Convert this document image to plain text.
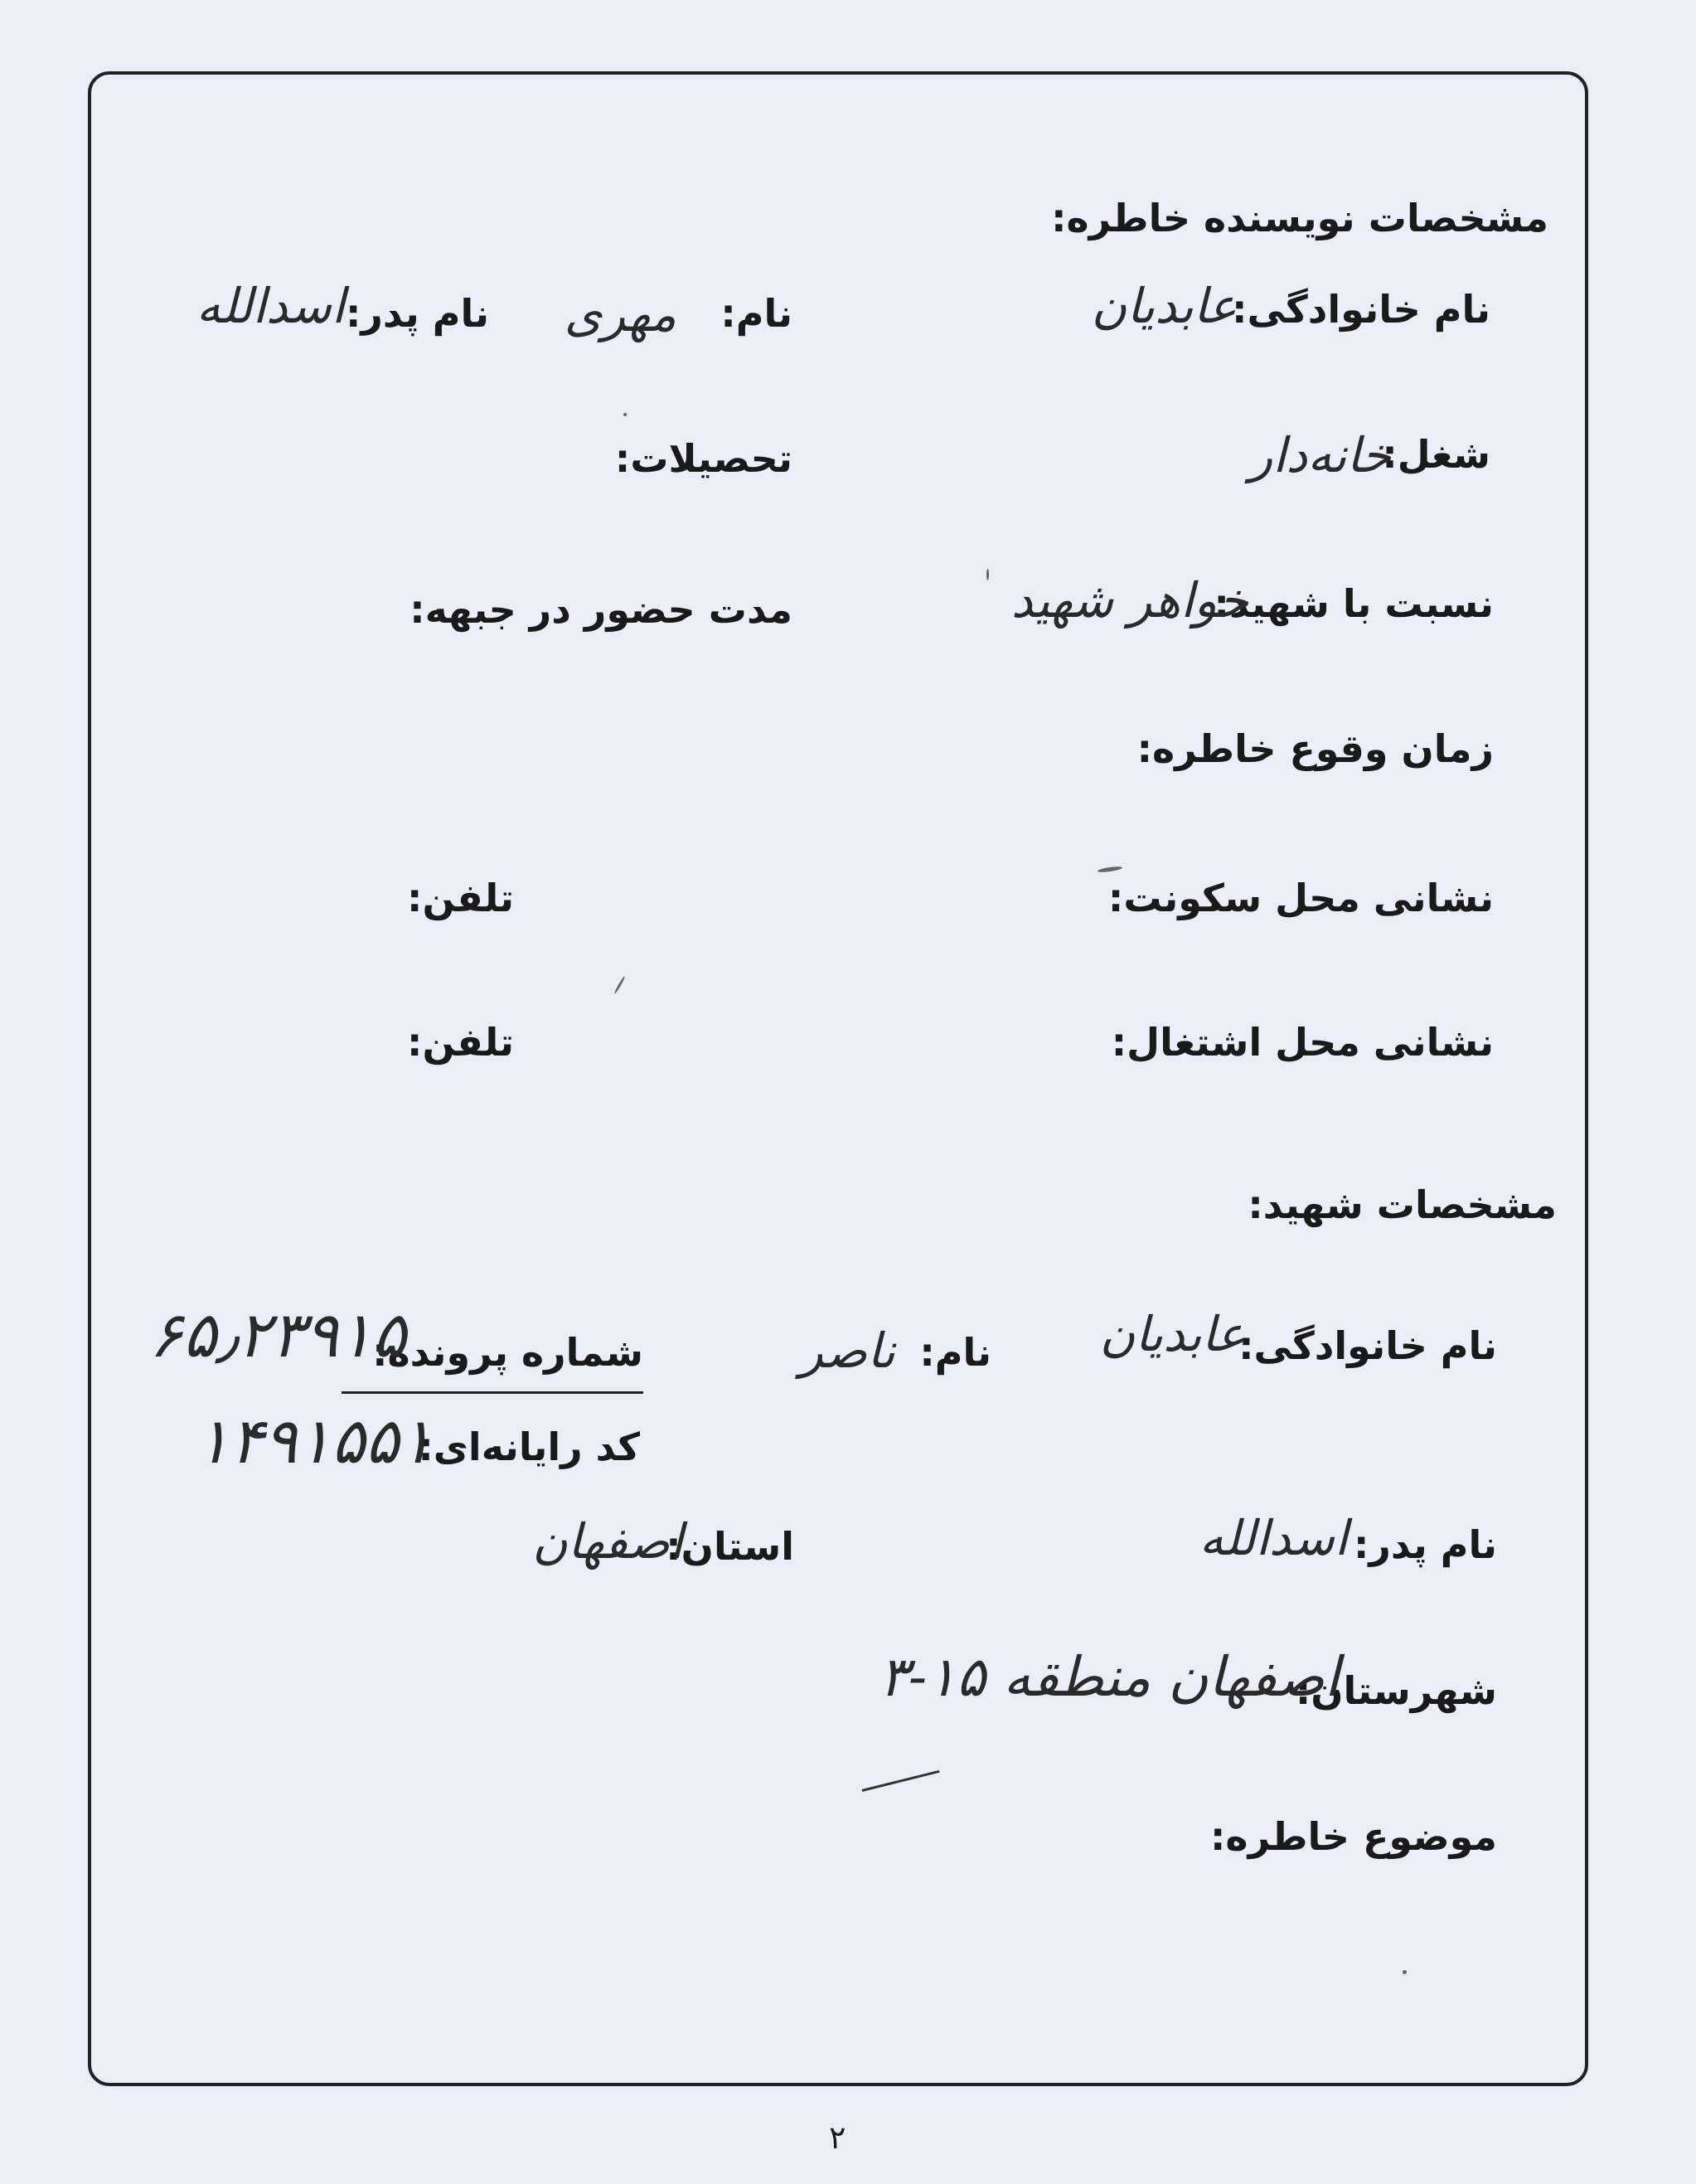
مشخصات نویسنده خاطره:
نام خانوادگی:
عابدیان
نام:
مهری
نام پدر:
اسدالله
شغل:
خانه‌دار
تحصیلات:
نسبت با شهید:
خواهر شهید
مدت حضور در جبهه:
زمان وقوع خاطره:
نشانی محل سکونت:
تلفن:
نشانی محل اشتغال:
تلفن:
مشخصات شهید:
نام خانوادگی:
عابدیان
نام:
ناصر
شماره پرونده:
۶۵٫۲۳۹۱۵
کد رایانه‌ای:
۱۴۹۱۵۵۱
نام پدر:
اسدالله
استان:
اصفهان
شهرستان:
اصفهان منطقه ۱۵-۳
موضوع خاطره:
۲
